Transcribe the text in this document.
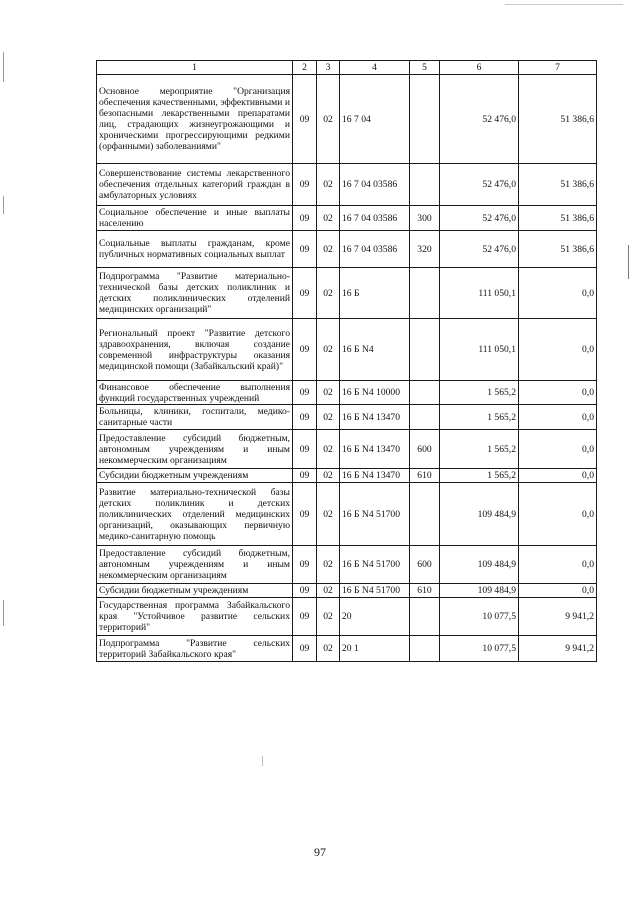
1	2	3	4	5	6	7
Основное мероприятие "Организация обеспечения качественными, эффективными и безопасными лекарственными препаратами лиц, страдающих жизнеугрожающими и хроническими прогрессирующими редкими (орфанными) заболеваниями"	09	02	16 7 04		52 476,0	51 386,6
Совершенствование системы лекарственного обеспечения отдельных категорий граждан в амбулаторных условиях	09	02	16 7 04 03586		52 476,0	51 386,6
Социальное обеспечение и иные выплаты населению	09	02	16 7 04 03586	300	52 476,0	51 386,6
Социальные выплаты гражданам, кроме публичных нормативных социальных выплат	09	02	16 7 04 03586	320	52 476,0	51 386,6
Подпрограмма "Развитие материально-технической базы детских поликлиник и детских поликлинических отделений медицинских организаций"	09	02	16 Б		111 050,1	0,0
Региональный проект "Развитие детского здравоохранения, включая создание современной инфраструктуры оказания медицинской помощи (Забайкальский край)"	09	02	16 Б N4		111 050,1	0,0
Финансовое обеспечение выполнения функций государственных учреждений	09	02	16 Б N4 10000		1 565,2	0,0
Больницы, клиники, госпитали, медико-санитарные части	09	02	16 Б N4 13470		1 565,2	0,0
Предоставление субсидий бюджетным, автономным учреждениям и иным некоммерческим организациям	09	02	16 Б N4 13470	600	1 565,2	0,0
Субсидии бюджетным учреждениям	09	02	16 Б N4 13470	610	1 565,2	0,0
Развитие материально-технической базы детских поликлиник и детских поликлинических отделений медицинских организаций, оказывающих первичную медико-санитарную помощь	09	02	16 Б N4 51700		109 484,9	0,0
Предоставление субсидий бюджетным, автономным учреждениям и иным некоммерческим организациям	09	02	16 Б N4 51700	600	109 484,9	0,0
Субсидии бюджетным учреждениям	09	02	16 Б N4 51700	610	109 484,9	0,0
Государственная программа Забайкальского края "Устойчивое развитие сельских территорий"	09	02	20		10 077,5	9 941,2
Подпрограмма "Развитие сельских территорий Забайкальского края"	09	02	20 1		10 077,5	9 941,2
97
